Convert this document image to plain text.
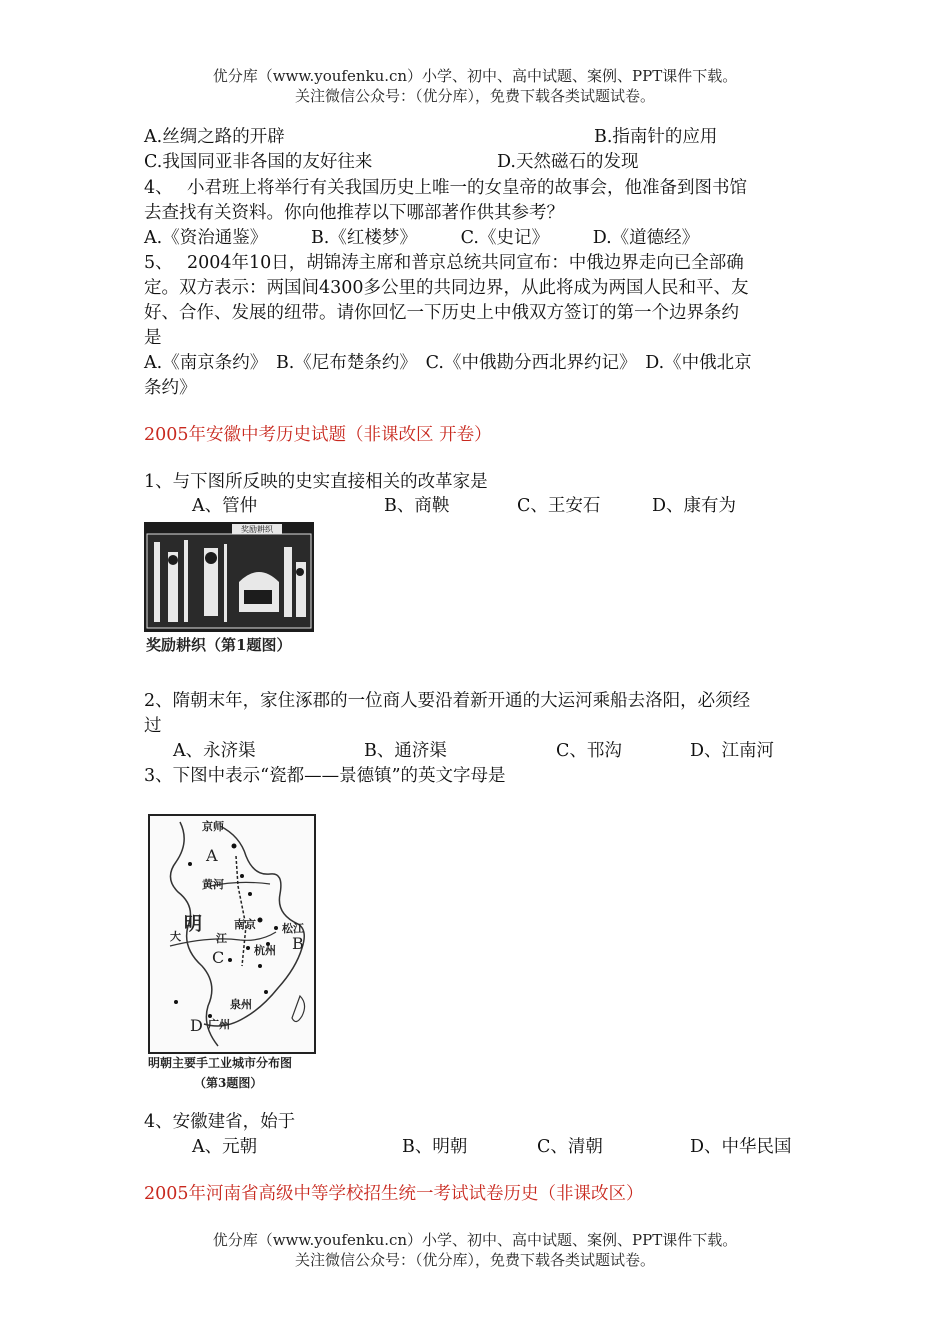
优分库（www.youfenku.cn）小学、初中、高中试题、案例、PPT课件下载。
关注微信公众号：（优分库），免费下载各类试题试卷。
A.丝绸之路的开辟	B.指南针的应用
C.我国同亚非各国的友好往来	D.天然磁石的发现
4、　 小君班上将举行有关我国历史上唯一的女皇帝的故事会，他准备到图书馆
去查找有关资料。你向他推荐以下哪部著作供其参考？
A.《资治通鉴》　　　B.《红楼梦》　　　C.《史记》　　　D.《道德经》
5、　 2004年10日，胡锦涛主席和普京总统共同宣布：中俄边界走向已全部确
定。双方表示：两国间4300多公里的共同边界，从此将成为两国人民和平、友
好、合作、发展的纽带。请你回忆一下历史上中俄双方签订的第一个边界条约
是
A.《南京条约》　B.《尼布楚条约》　C.《中俄勘分西北界约记》　D.《中俄北京
条约》
2005年安徽中考历史试题（非课改区 开卷）
1、与下图所反映的史实直接相关的改革家是
A、管仲	B、商鞅	C、王安石	D、康有为
奖励耕织
奖励耕织（第1题图）
2、隋朝末年，家住涿郡的一位商人要沿着新开通的大运河乘船去洛阳，必须经
过
A、永济渠	B、通济渠	C、邗沟	D、江南河
3、下图中表示“瓷都——景德镇”的英文字母是
京师
A
黄河
明	南京 松江
B
大	江
杭州
C
泉州
D 广州
明朝主要手工业城市分布图
（第3题图）
4、安徽建省，始于
A、元朝	B、明朝	C、清朝	D、中华民国
2005年河南省高级中等学校招生统一考试试卷历史（非课改区）
优分库（www.youfenku.cn）小学、初中、高中试题、案例、PPT课件下载。
关注微信公众号：（优分库），免费下载各类试题试卷。
